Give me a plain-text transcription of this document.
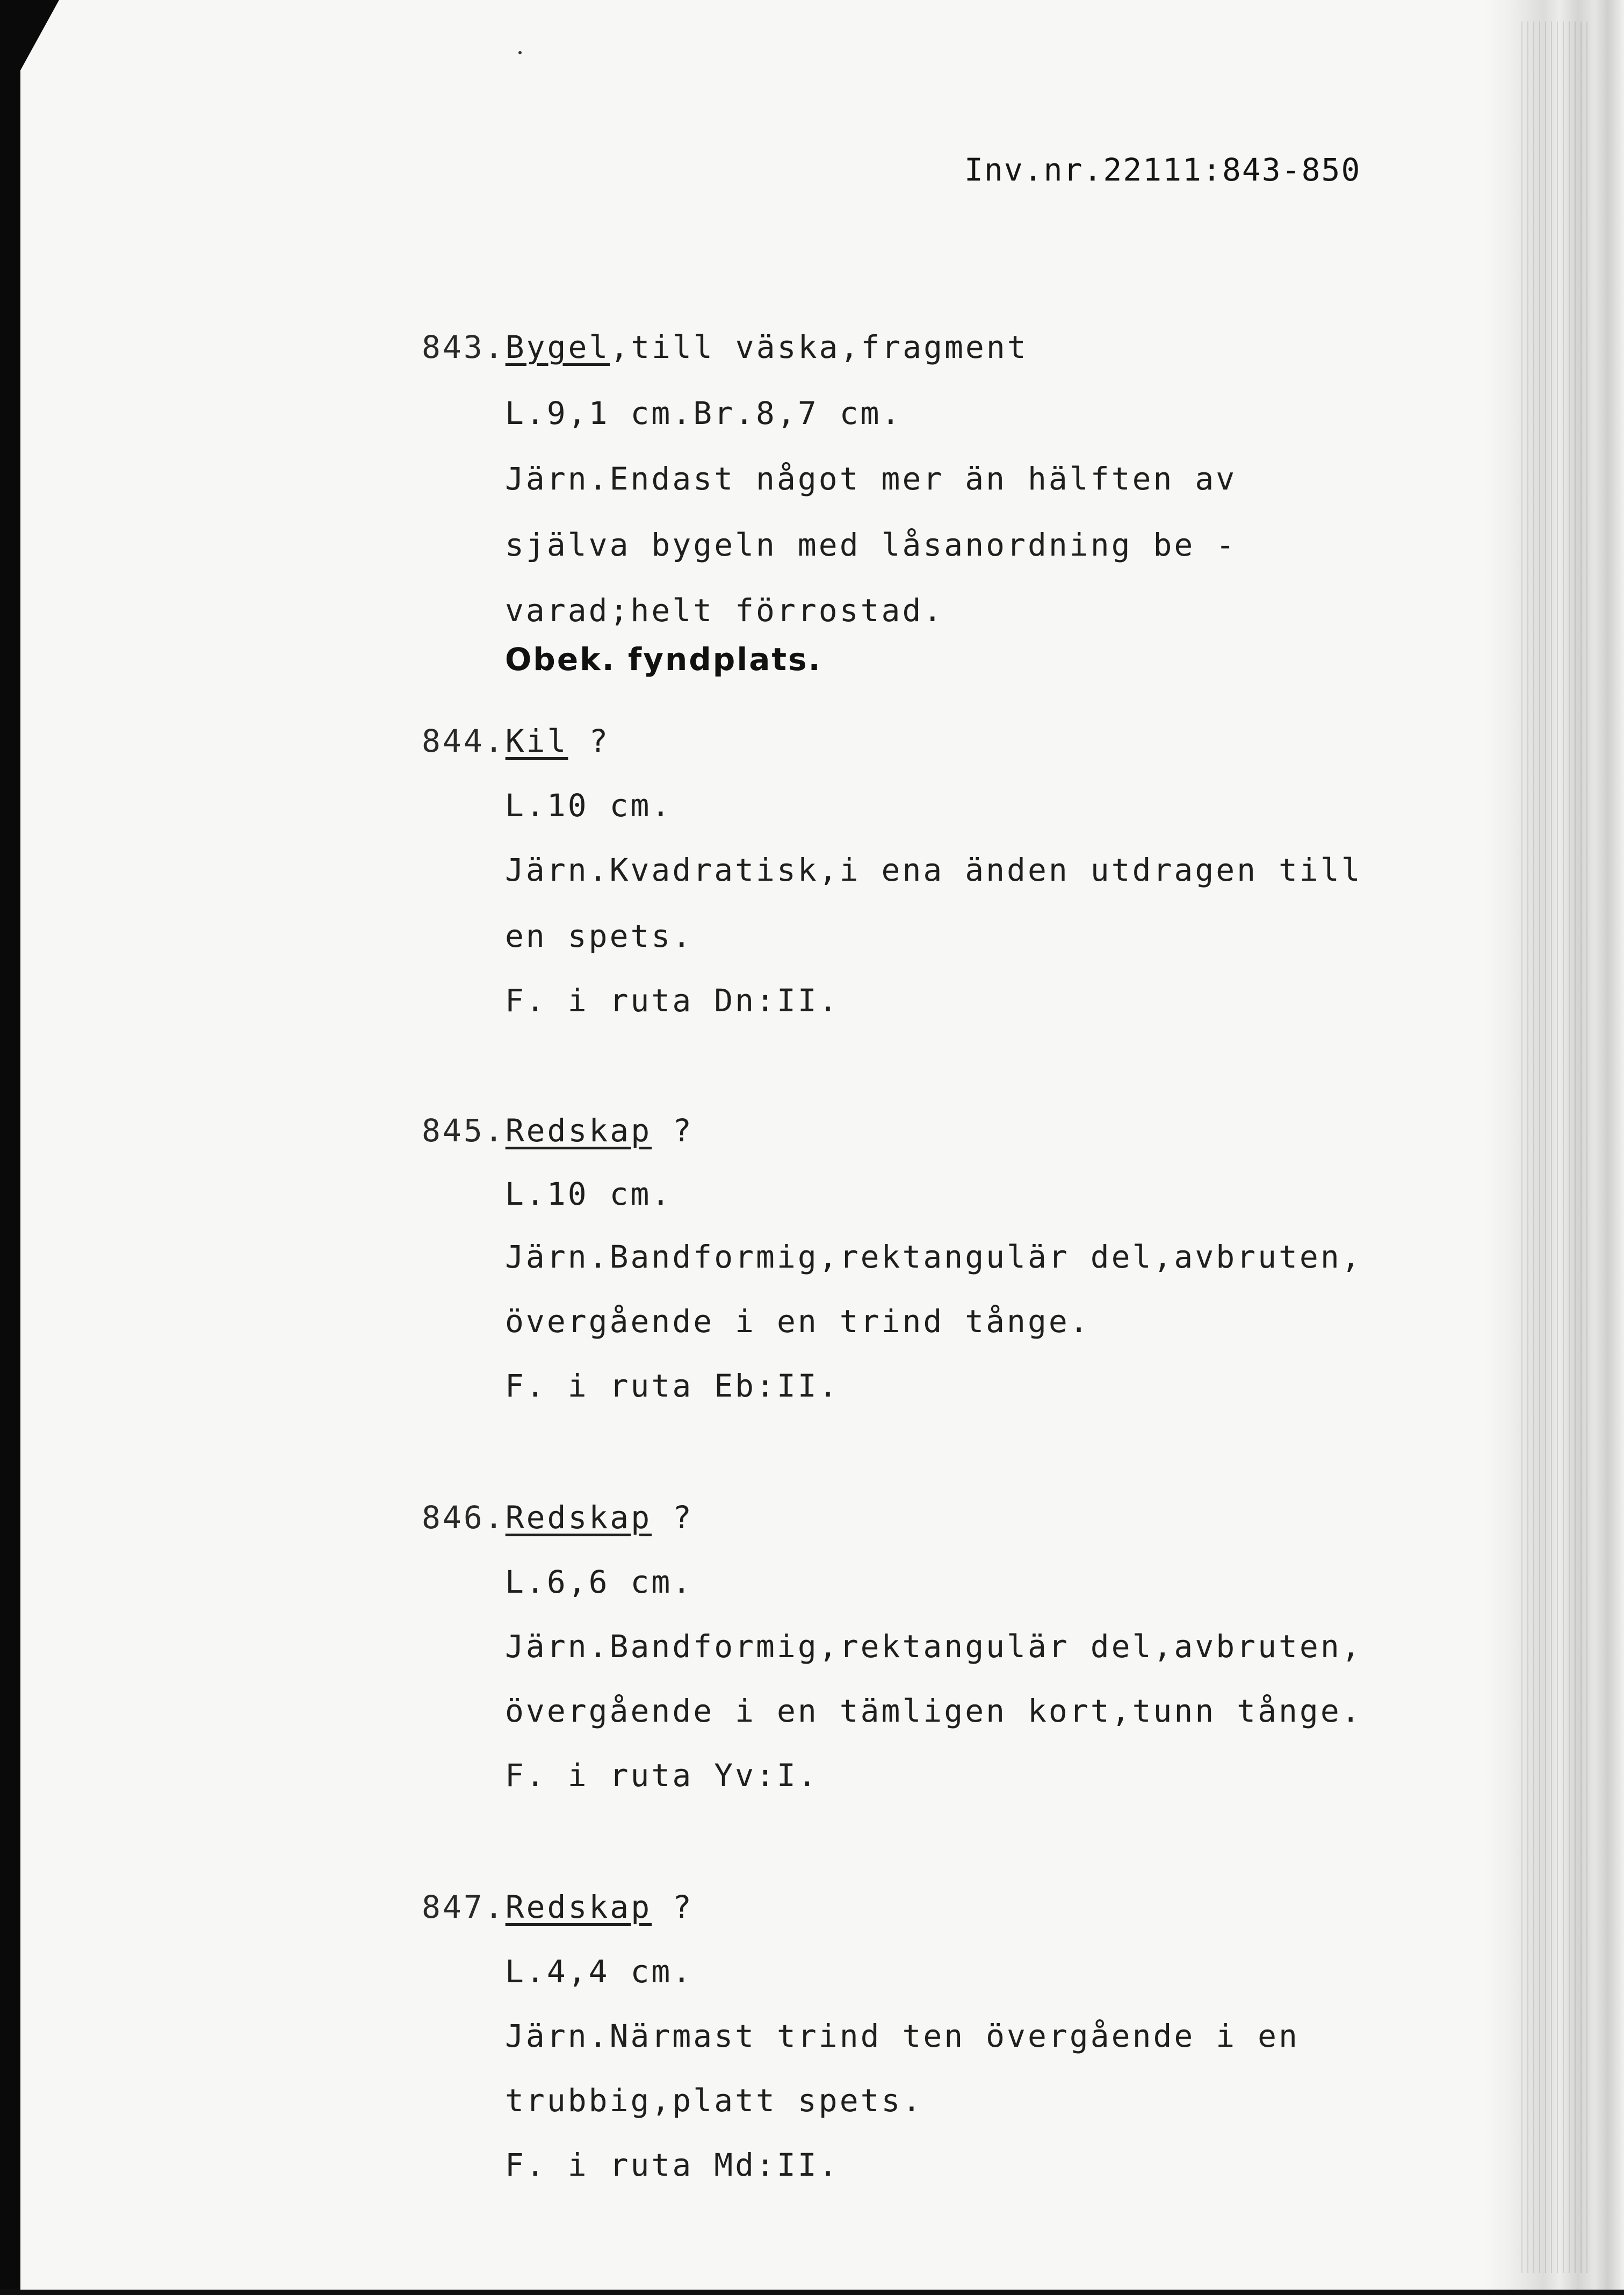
Inv.nr.22111:843-850
843.Bygel,till väska,fragment
L.9,1 cm.Br.8,7 cm.
Järn.Endast något mer än hälften av
själva bygeln med låsanordning be -
varad;helt förrostad.
Obek. fyndplats.
844.Kil ?
L.10 cm.
Järn.Kvadratisk,i ena änden utdragen till
en spets.
F. i ruta Dn:II.
845.Redskap ?
L.10 cm.
Järn.Bandformig,rektangulär del,avbruten,
övergående i en trind tånge.
F. i ruta Eb:II.
846.Redskap ?
L.6,6 cm.
Järn.Bandformig,rektangulär del,avbruten,
övergående i en tämligen kort,tunn tånge.
F. i ruta Yv:I.
847.Redskap ?
L.4,4 cm.
Järn.Närmast trind ten övergående i en
trubbig,platt spets.
F. i ruta Md:II.
